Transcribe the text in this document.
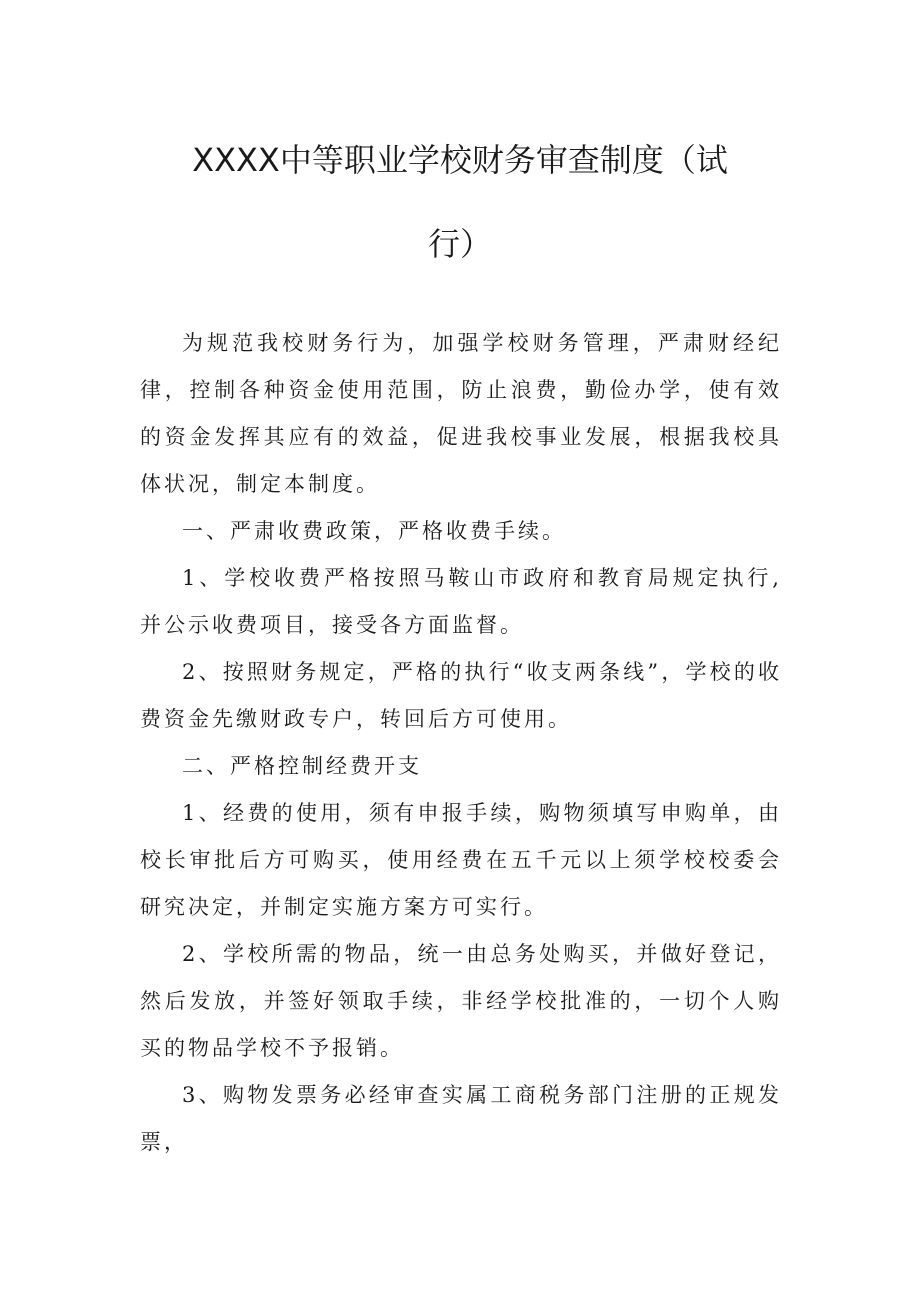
XXXX中等职业学校财务审查制度（试
行）

为规范我校财务行为，加强学校财务管理，严肃财经纪律，控制各种资金使用范围，防止浪费，勤俭办学，使有效的资金发挥其应有的效益，促进我校事业发展，根据我校具体状况，制定本制度。

一、严肃收费政策，严格收费手续。

1、学校收费严格按照马鞍山市政府和教育局规定执行,并公示收费项目，接受各方面监督。

2、按照财务规定，严格的执行“收支两条线”，学校的收费资金先缴财政专户，转回后方可使用。

二、严格控制经费开支

1、经费的使用，须有申报手续，购物须填写申购单，由校长审批后方可购买，使用经费在五千元以上须学校校委会研究决定，并制定实施方案方可实行。

2、学校所需的物品，统一由总务处购买，并做好登记，然后发放，并签好领取手续，非经学校批准的，一切个人购买的物品学校不予报销。

3、购物发票务必经审查实属工商税务部门注册的正规发票，
